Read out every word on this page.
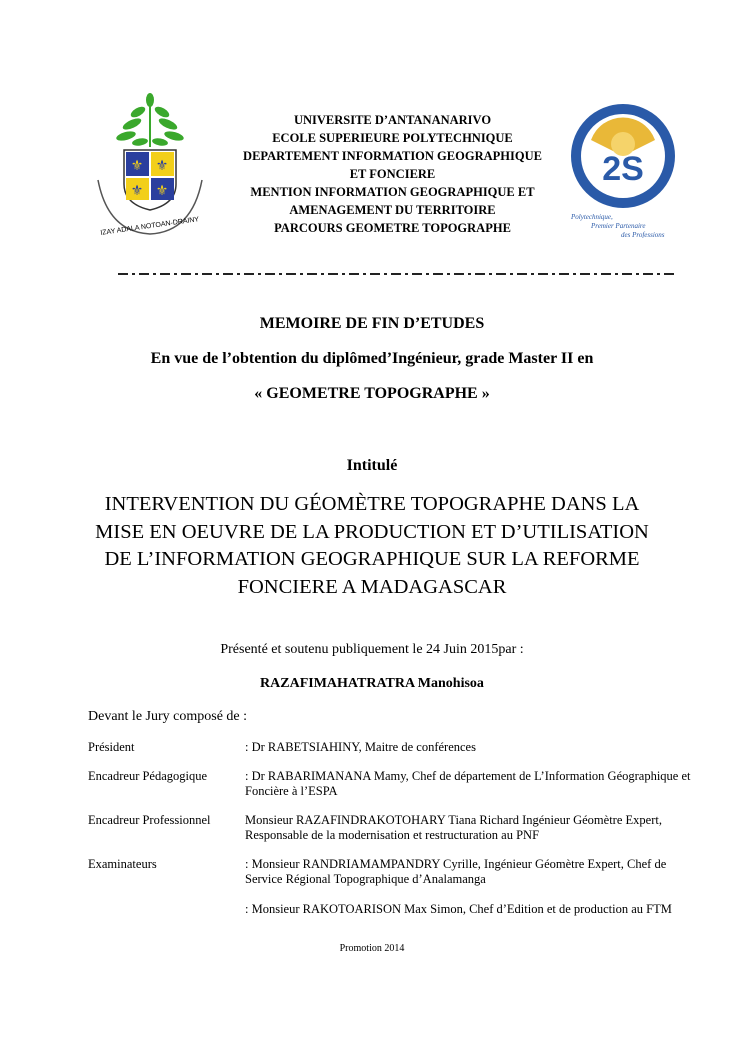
⚜ ⚜
⚜ ⚜
IZAY ADALA NOTOAN-DRAINY
UNIVERSITE D’ANTANANARIVO
ECOLE SUPERIEURE POLYTECHNIQUE
DEPARTEMENT INFORMATION GEOGRAPHIQUE
ET FONCIERE
MENTION INFORMATION GEOGRAPHIQUE ET
AMENAGEMENT DU TERRITOIRE
PARCOURS GEOMETRE TOPOGRAPHE
2S
Polytechnique,
Premier Partenaire
des Professions
MEMOIRE DE FIN D’ETUDES
En vue de l’obtention du diplômed’Ingénieur, grade Master II en
« GEOMETRE TOPOGRAPHE »
Intitulé
INTERVENTION DU GÉOMÈTRE TOPOGRAPHE DANS LA
MISE EN OEUVRE DE LA PRODUCTION ET D’UTILISATION
DE L’INFORMATION GEOGRAPHIQUE SUR LA REFORME
FONCIERE A MADAGASCAR
Présenté et soutenu publiquement le 24 Juin 2015par :
RAZAFIMAHATRATRA Manohisoa
Devant le Jury composé de :
Président	: Dr RABETSIAHINY, Maitre de conférences
Encadreur Pédagogique	: Dr RABARIMANANA Mamy, Chef de département de L’Information Géographique et Foncière à l’ESPA
Encadreur Professionnel	Monsieur RAZAFINDRAKOTOHARY Tiana Richard Ingénieur Géomètre Expert, Responsable de la modernisation et restructuration au PNF
Examinateurs	: Monsieur RANDRIAMAMPANDRY Cyrille, Ingénieur Géomètre Expert, Chef de Service Régional Topographique d’Analamanga
: Monsieur RAKOTOARISON Max Simon, Chef d’Edition et de production au FTM
Promotion 2014
